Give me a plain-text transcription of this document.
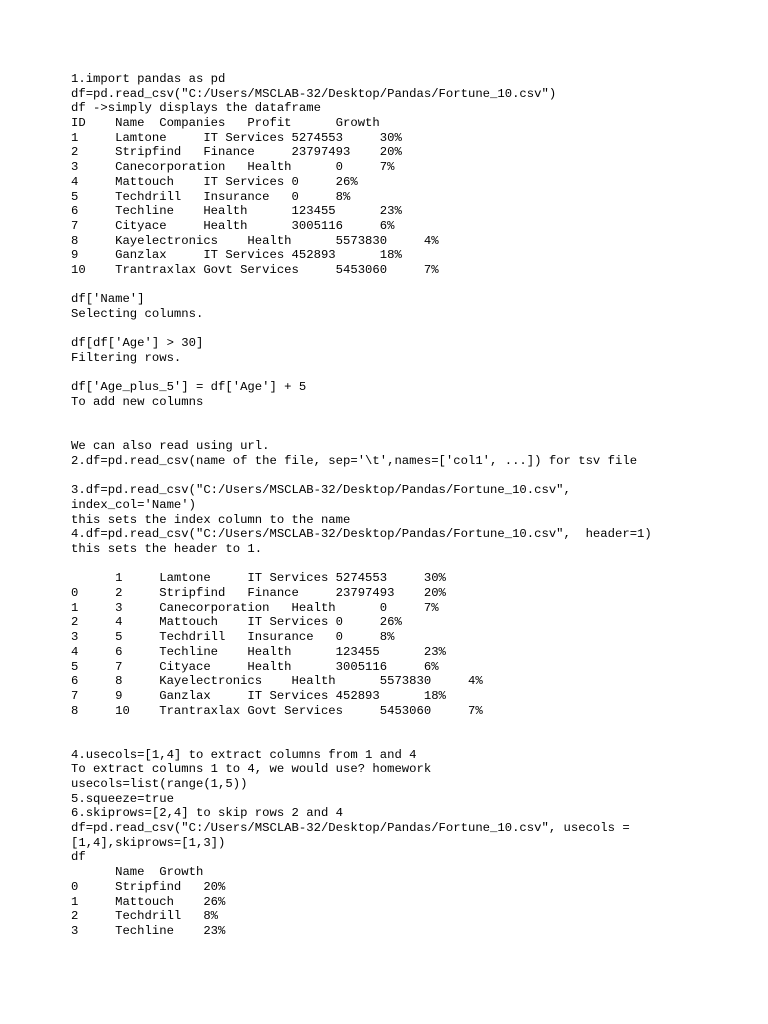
1.import pandas as pd
df=pd.read_csv("C:/Users/MSCLAB-32/Desktop/Pandas/Fortune_10.csv")
df ->simply displays the dataframe
ID    Name  Companies   Profit      Growth
1     Lamtone     IT Services 5274553     30%
2     Stripfind   Finance     23797493    20%
3     Canecorporation   Health      0     7%
4     Mattouch    IT Services 0     26%
5     Techdrill   Insurance   0     8%
6     Techline    Health      123455      23%
7     Cityace     Health      3005116     6%
8     Kayelectronics    Health      5573830     4%
9     Ganzlax     IT Services 452893      18%
10    Trantraxlax Govt Services     5453060     7%
df['Name']
Selecting columns.
df[df['Age'] > 30]
Filtering rows.
df['Age_plus_5'] = df['Age'] + 5
To add new columns
We can also read using url.
2.df=pd.read_csv(name of the file, sep='\t',names=['col1', ...]) for tsv file
3.df=pd.read_csv("C:/Users/MSCLAB-32/Desktop/Pandas/Fortune_10.csv",
index_col='Name')
this sets the index column to the name
4.df=pd.read_csv("C:/Users/MSCLAB-32/Desktop/Pandas/Fortune_10.csv",  header=1)
this sets the header to 1.
1     Lamtone     IT Services 5274553     30%
0     2     Stripfind   Finance     23797493    20%
1     3     Canecorporation   Health      0     7%
2     4     Mattouch    IT Services 0     26%
3     5     Techdrill   Insurance   0     8%
4     6     Techline    Health      123455      23%
5     7     Cityace     Health      3005116     6%
6     8     Kayelectronics    Health      5573830     4%
7     9     Ganzlax     IT Services 452893      18%
8     10    Trantraxlax Govt Services     5453060     7%
4.usecols=[1,4] to extract columns from 1 and 4
To extract columns 1 to 4, we would use? homework
usecols=list(range(1,5))
5.squeeze=true
6.skiprows=[2,4] to skip rows 2 and 4
df=pd.read_csv("C:/Users/MSCLAB-32/Desktop/Pandas/Fortune_10.csv", usecols =
[1,4],skiprows=[1,3])
df
Name  Growth
0     Stripfind   20%
1     Mattouch    26%
2     Techdrill   8%
3     Techline    23%
